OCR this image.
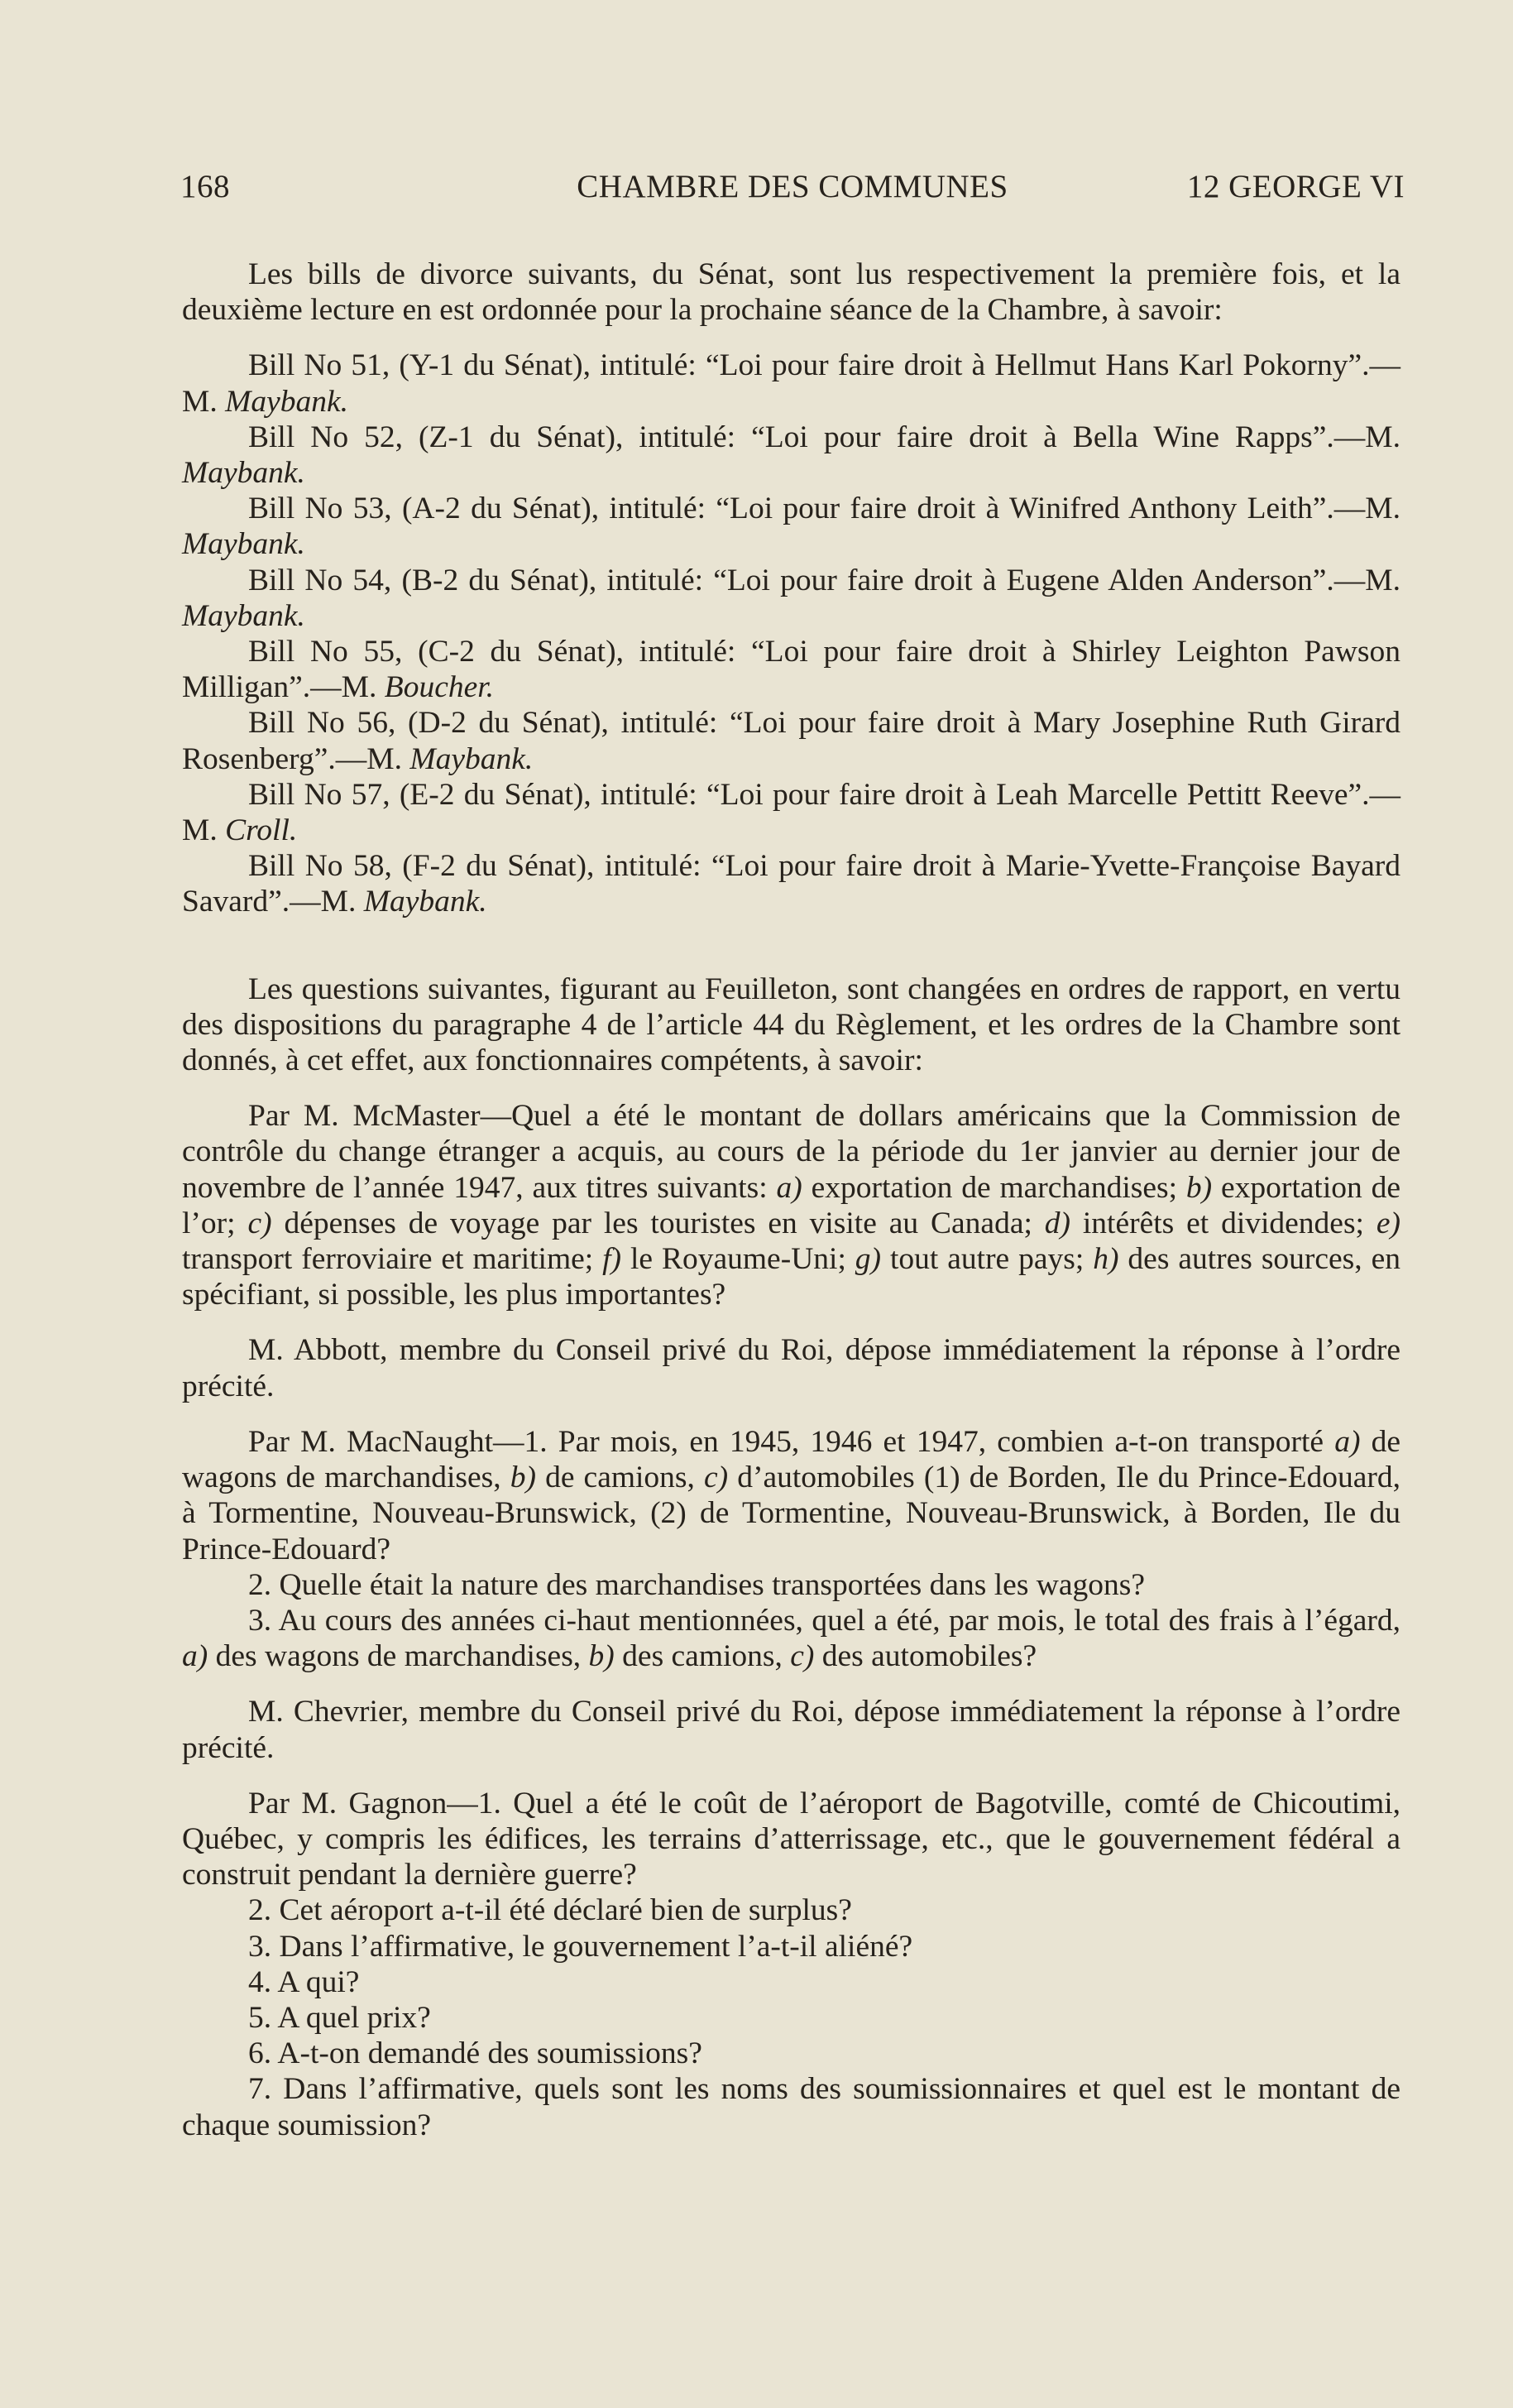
168	CHAMBRE DES COMMUNES	12 GEORGE VI

Les bills de divorce suivants, du Sénat, sont lus respectivement la première fois, et la deuxième lecture en est ordonnée pour la prochaine séance de la Chambre, à savoir:

Bill No 51, (Y-1 du Sénat), intitulé: “Loi pour faire droit à Hellmut Hans Karl Pokorny”.—M. Maybank.

Bill No 52, (Z-1 du Sénat), intitulé: “Loi pour faire droit à Bella Wine Rapps”.—M. Maybank.

Bill No 53, (A-2 du Sénat), intitulé: “Loi pour faire droit à Winifred Anthony Leith”.—M. Maybank.

Bill No 54, (B-2 du Sénat), intitulé: “Loi pour faire droit à Eugene Alden Anderson”.—M. Maybank.

Bill No 55, (C-2 du Sénat), intitulé: “Loi pour faire droit à Shirley Leighton Pawson Milligan”.—M. Boucher.

Bill No 56, (D-2 du Sénat), intitulé: “Loi pour faire droit à Mary Josephine Ruth Girard Rosenberg”.—M. Maybank.

Bill No 57, (E-2 du Sénat), intitulé: “Loi pour faire droit à Leah Marcelle Pettitt Reeve”.—M. Croll.

Bill No 58, (F-2 du Sénat), intitulé: “Loi pour faire droit à Marie-Yvette-Françoise Bayard Savard”.—M. Maybank.

Les questions suivantes, figurant au Feuilleton, sont changées en ordres de rapport, en vertu des dispositions du paragraphe 4 de l’article 44 du Règlement, et les ordres de la Chambre sont donnés, à cet effet, aux fonctionnaires compétents, à savoir:

Par M. McMaster—Quel a été le montant de dollars américains que la Commission de contrôle du change étranger a acquis, au cours de la période du 1er janvier au dernier jour de novembre de l’année 1947, aux titres suivants: a) exportation de marchandises; b) exportation de l’or; c) dépenses de voyage par les touristes en visite au Canada; d) intérêts et dividendes; e) transport ferroviaire et maritime; f) le Royaume-Uni; g) tout autre pays; h) des autres sources, en spécifiant, si possible, les plus importantes?

M. Abbott, membre du Conseil privé du Roi, dépose immédiatement la réponse à l’ordre précité.

Par M. MacNaught—1. Par mois, en 1945, 1946 et 1947, combien a-t-on transporté a) de wagons de marchandises, b) de camions, c) d’automobiles (1) de Borden, Ile du Prince-Edouard, à Tormentine, Nouveau-Brunswick, (2) de Tormentine, Nouveau-Brunswick, à Borden, Ile du Prince-Edouard?

2. Quelle était la nature des marchandises transportées dans les wagons?

3. Au cours des années ci-haut mentionnées, quel a été, par mois, le total des frais à l’égard, a) des wagons de marchandises, b) des camions, c) des automobiles?

M. Chevrier, membre du Conseil privé du Roi, dépose immédiatement la réponse à l’ordre précité.

Par M. Gagnon—1. Quel a été le coût de l’aéroport de Bagotville, comté de Chicoutimi, Québec, y compris les édifices, les terrains d’atterrissage, etc., que le gouvernement fédéral a construit pendant la dernière guerre?

2. Cet aéroport a-t-il été déclaré bien de surplus?

3. Dans l’affirmative, le gouvernement l’a-t-il aliéné?

4. A qui?

5. A quel prix?

6. A-t-on demandé des soumissions?

7. Dans l’affirmative, quels sont les noms des soumissionnaires et quel est le montant de chaque soumission?
